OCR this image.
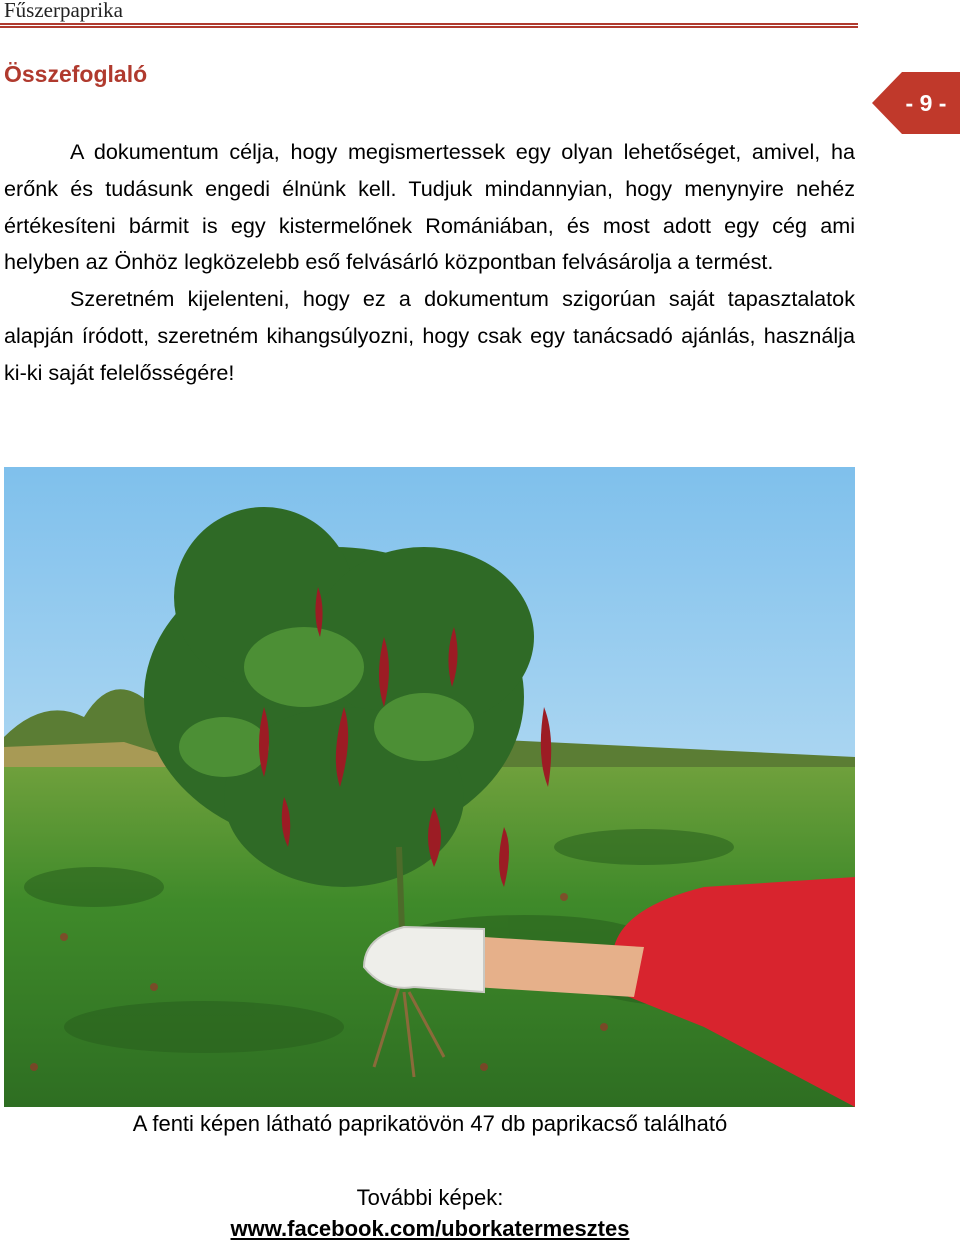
Fűszerpaprika
- 9 -
Összefoglaló

A dokumentum célja, hogy megismertessek egy olyan lehetőséget, amivel, ha erőnk és tudásunk engedi élnünk kell. Tudjuk mindannyian, hogy menynyire nehéz értékesíteni bármit is egy kistermelőnek Romániában, és most adott egy cég ami helyben az Önhöz legközelebb eső felvásárló központban felvásárolja a termést.

Szeretném kijelenteni, hogy ez a dokumentum szigorúan saját tapasztalatok alapján íródott, szeretném kihangsúlyozni, hogy csak egy tanácsadó ajánlás, használja ki-ki saját felelősségére!

A fenti képen látható paprikatövön 47 db paprikacső található
További képek:
www.facebook.com/uborkatermesztes
